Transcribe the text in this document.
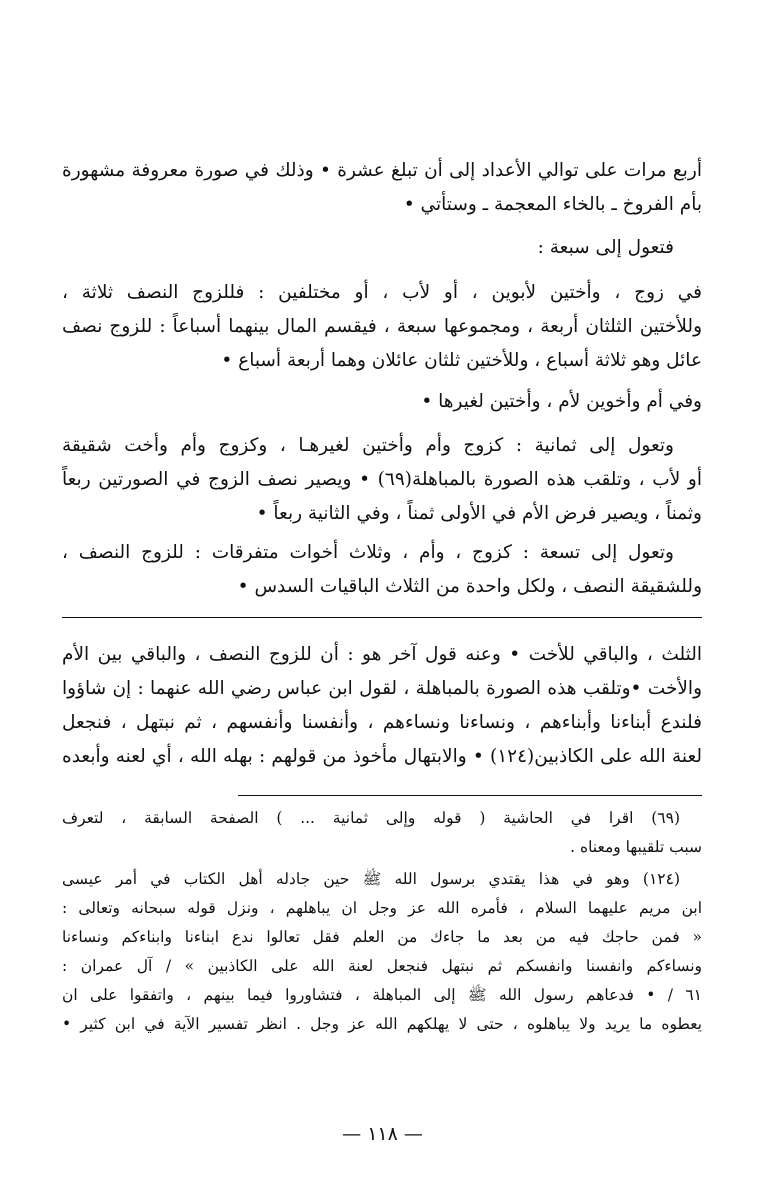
أربع مرات على توالي الأعداد إلى أن تبلغ عشرة • وذلك في صورة معروفة مشهورة
بأم الفروخ ـ بالخاء المعجمة ـ وستأتي •
فتعول إلى سبعة :
في زوج ، وأختين لأبوين ، أو لأب ، أو مختلفين : فللزوج النصف ثلاثة ،
وللأختين الثلثان أربعة ، ومجموعها سبعة ، فيقسم المال بينهما أسباعاً : للزوج نصف
عائل وهو ثلاثة أسباع ، وللأختين ثلثان عائلان وهما أربعة أسباع •
وفي أم وأخوين لأم ، وأختين لغيرها •
وتعول إلى ثمانية : كزوج وأم وأختين لغيرهـا ، وكزوج وأم وأخت شقيقة
أو لأب ، وتلقب هذه الصورة بالمباهلة(٦٩) • ويصير نصف الزوج في الصورتين ربعاً
وثمناً ، ويصير فرض الأم في الأولى ثمناً ، وفي الثانية ربعاً •
وتعول إلى تسعة : كزوج ، وأم ، وثلاث أخوات متفرقات : للزوج النصف ،
وللشقيقة النصف ، ولكل واحدة من الثلاث الباقيات السدس •
الثلث ، والباقي للأخت • وعنه قول آخر هو : أن للزوج النصف ، والباقي بين الأم
والأخت •وتلقب هذه الصورة بالمباهلة ، لقول ابن عباس رضي الله عنهما : إن شاؤوا
فلندع أبناءنا وأبناءهم ، ونساءنا ونساءهم ، وأنفسنا وأنفسهم ، ثم نبتهل ، فنجعل
لعنة الله على الكاذبين(١٢٤) • والابتهال مأخوذ من قولهم : بهله الله ، أي لعنه وأبعده
(٦٩) اقرا في الحاشية ( قوله وإلى ثمانية ... ) الصفحة السابقة ، لتعرف
سبب تلقيبها ومعناه .
(١٢٤) وهو في هذا يقتدي برسول الله ﷺ حين جادله أهل الكتاب في أمر عيسى
ابن مريم عليهما السلام ، فأمره الله عز وجل ان يباهلهم ، ونزل قوله سبحانه وتعالى :
« فمن حاجك فيه من بعد ما جاءك من العلم فقل تعالوا ندع ابناءنا وابناءكم ونساءنا
ونساءكم وانفسنا وانفسكم ثم نبتهل فنجعل لعنة الله على الكاذبين » / آل عمران :
٦١ / • فدعاهم رسول الله ﷺ إلى المباهلة ، فتشاوروا فيما بينهم ، واتفقوا على ان
يعطوه ما يريد ولا يباهلوه ، حتى لا يهلكهم الله عز وجل . انظر تفسير الآية في ابن كثير •
— ١١٨ —
